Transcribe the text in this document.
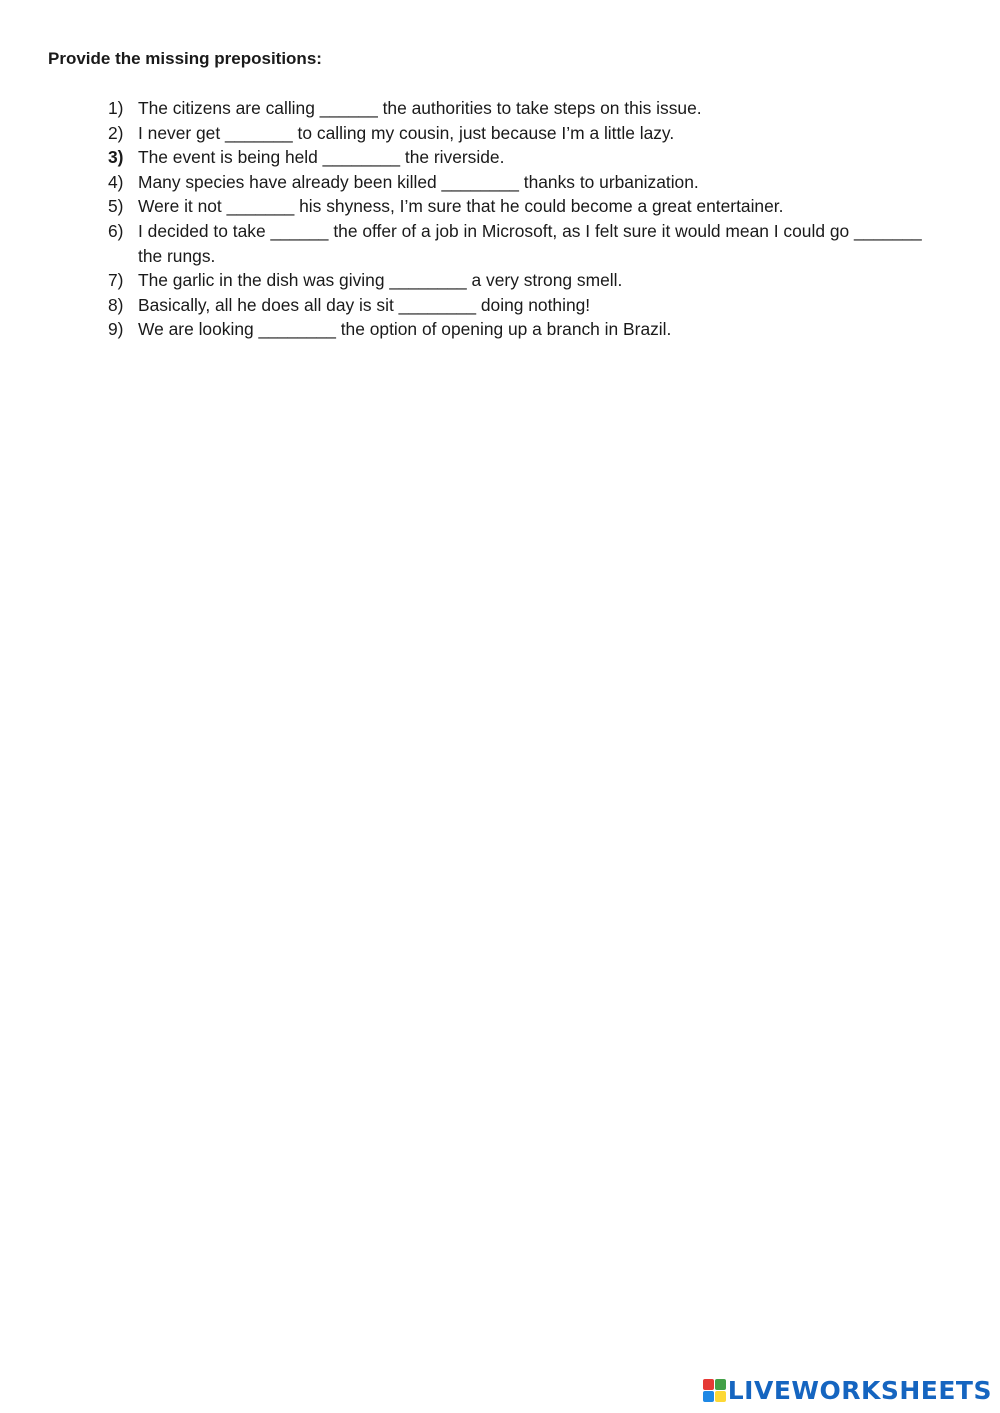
Provide the missing prepositions:

1) The citizens are calling ______ the authorities to take steps on this issue.
2) I never get _______ to calling my cousin, just because I’m a little lazy.
3) The event is being held ________ the riverside.
4) Many species have already been killed ________ thanks to urbanization.
5) Were it not _______ his shyness, I’m sure that he could become a great entertainer.
6) I decided to take ______ the offer of a job in Microsoft, as I felt sure it would mean I could go _______ the rungs.
7) The garlic in the dish was giving ________ a very strong smell.
8) Basically, all he does all day is sit ________ doing nothing!
9) We are looking ________ the option of opening up a branch in Brazil.
LIVEWORKSHEETS
